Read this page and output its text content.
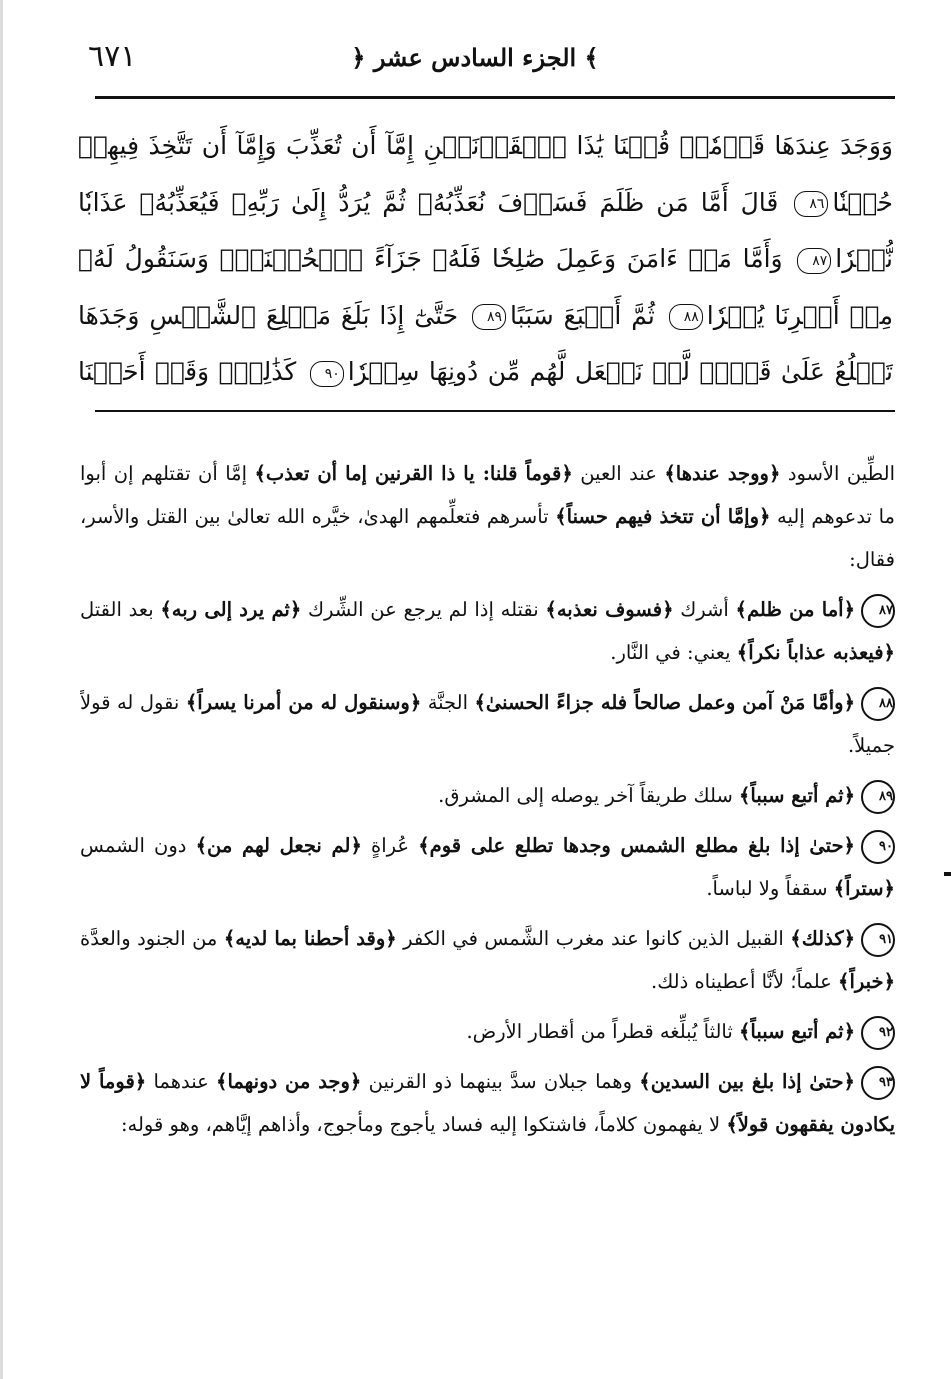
٦٧١	﴿ الجزء السادس عشر ﴾
وَوَجَدَ عِندَهَا قَوۡمٗاۗ قُلۡنَا يَٰذَا ٱلۡقَرۡنَيۡنِ إِمَّآ أَن تُعَذِّبَ وَإِمَّآ أَن تَتَّخِذَ فِيهِمۡ حُسۡنٗا٨٦ قَالَ أَمَّا مَن ظَلَمَ فَسَوۡفَ نُعَذِّبُهُۥ ثُمَّ يُرَدُّ إِلَىٰ رَبِّهِۦ فَيُعَذِّبُهُۥ عَذَابٗا نُّكۡرٗا٨٧ وَأَمَّا مَنۡ ءَامَنَ وَعَمِلَ صَٰلِحٗا فَلَهُۥ جَزَآءً ٱلۡحُسۡنَىٰۖ وَسَنَقُولُ لَهُۥ مِنۡ أَمۡرِنَا يُسۡرٗا٨٨ ثُمَّ أَتۡبَعَ سَبَبًا٨٩ حَتَّىٰٓ إِذَا بَلَغَ مَطۡلِعَ ٱلشَّمۡسِ وَجَدَهَا تَطۡلُعُ عَلَىٰ قَوۡمٖ لَّمۡ نَجۡعَل لَّهُم مِّن دُونِهَا سِتۡرٗا٩٠ كَذَٰلِكَۖ وَقَدۡ أَحَطۡنَا

الطِّين الأسود ﴿ووجد عندها﴾ عند العين ﴿قوماً قلنا: يا ذا القرنين إما أن تعذب﴾ إمَّا أن تقتلهم إن أبوا ما تدعوهم إليه ﴿وإمَّا أن تتخذ فيهم حسناً﴾ تأسرهم فتعلِّمهم الهدىٰ، خيَّره الله تعالىٰ بين القتل والأسر، فقال:

٨٧﴿أما من ظلم﴾ أشرك ﴿فسوف نعذبه﴾ نقتله إذا لم يرجع عن الشِّرك ﴿ثم يرد إلى ربه﴾ بعد القتل ﴿فيعذبه عذاباً نكراً﴾ يعني: في النَّار.

٨٨﴿وأمَّا مَنْ آمن وعمل صالحاً فله جزاءً الحسنىٰ﴾ الجنَّة ﴿وسنقول له من أمرنا يسراً﴾ نقول له قولاً جميلاً.

٨٩﴿ثم أتبع سبباً﴾ سلك طريقاً آخر يوصله إلى المشرق.

٩٠﴿حتىٰ إذا بلغ مطلع الشمس وجدها تطلع على قوم﴾ عُراةٍ ﴿لم نجعل لهم من﴾ دون الشمس ﴿ستراً﴾ سقفاً ولا لباساً.

٩١﴿كذلك﴾ القبيل الذين كانوا عند مغرب الشَّمس في الكفر ﴿وقد أحطنا بما لديه﴾ من الجنود والعدَّة ﴿خبراً﴾ علماً؛ لأنَّا أعطيناه ذلك.

٩٢﴿ثم أتبع سبباً﴾ ثالثاً يُبلِّغه قطراً من أقطار الأرض.

٩٣﴿حتىٰ إذا بلغ بين السدين﴾ وهما جبلان سدَّ بينهما ذو القرنين ﴿وجد من دونهما﴾ عندهما ﴿قوماً لا يكادون يفقهون قولاً﴾ لا يفهمون كلاماً، فاشتكوا إليه فساد يأجوج ومأجوج، وأذاهم إيَّاهم، وهو قوله:
